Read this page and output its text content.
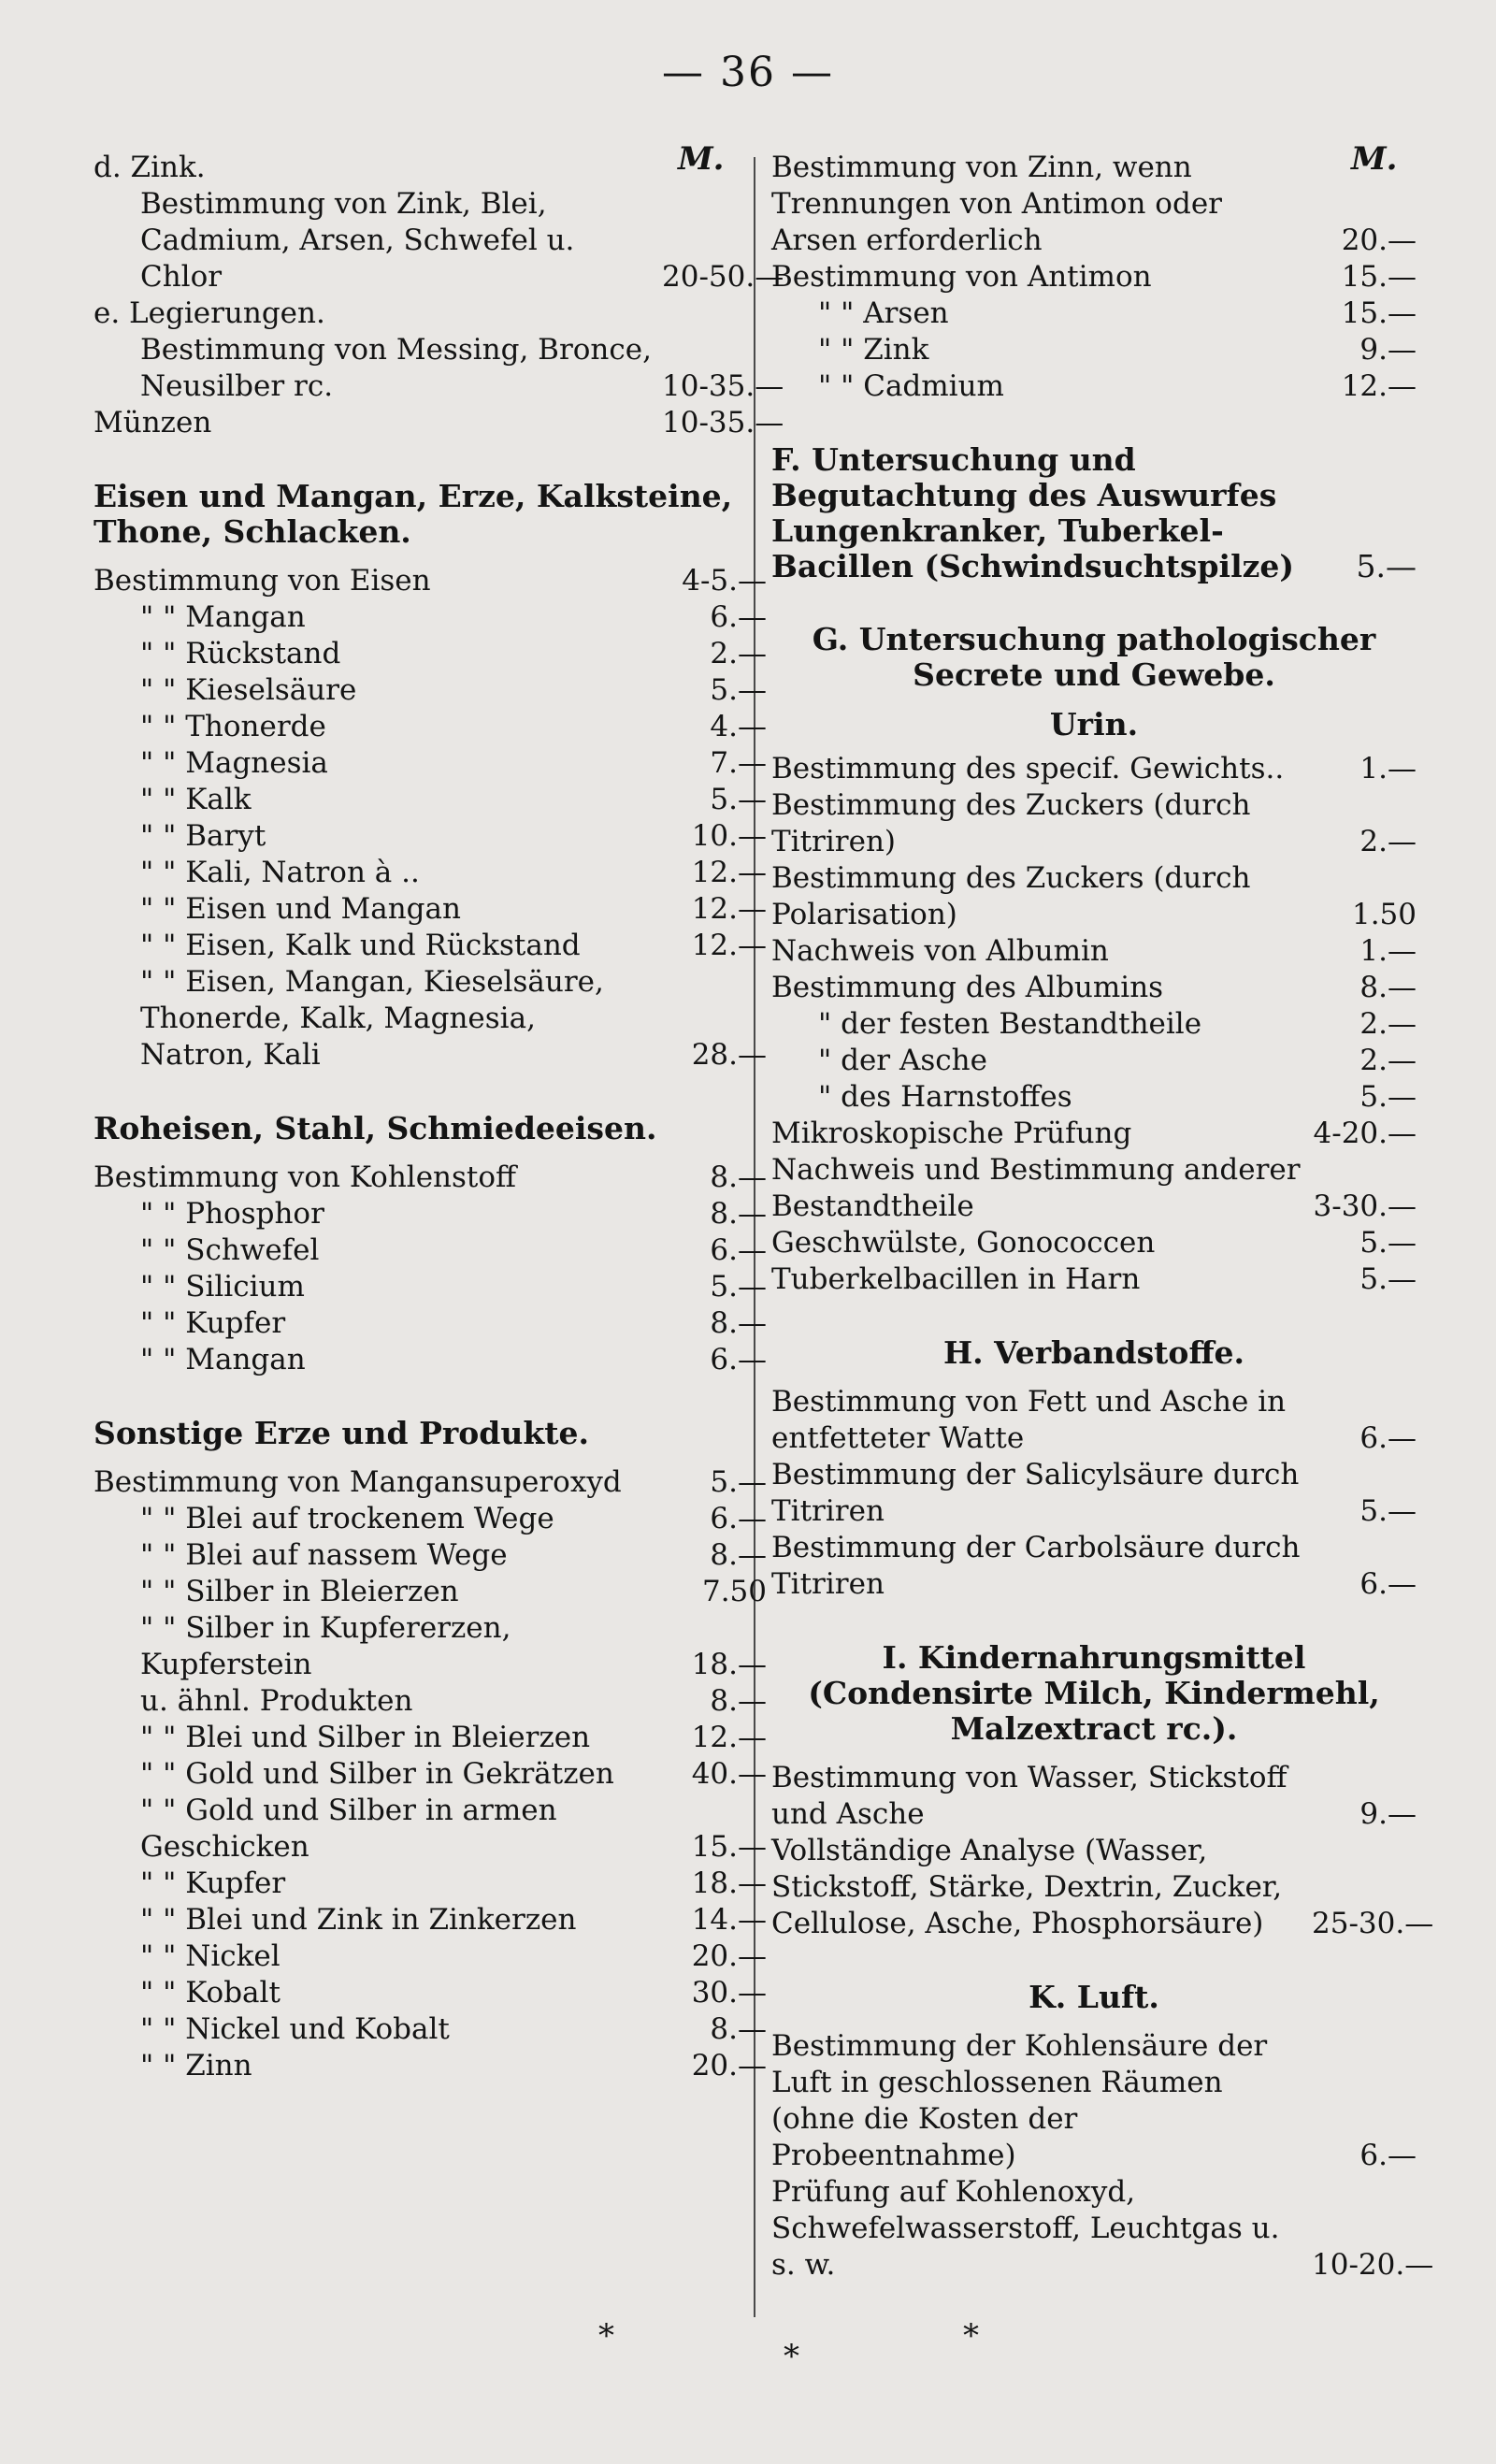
— 36 —
M.	M.
d. Zink.
Bestimmung von Zink, Blei, Cadmium, Arsen, Schwefel u. Chlor	20-50.—
e. Legierungen.
Bestimmung von Messing, Bronce, Neusilber rc.	10-35.—
Münzen	10-35.—
Eisen und Mangan, Erze, Kalksteine, Thone, Schlacken.
Bestimmung von Eisen	4-5.—
" " Mangan	6.—
" " Rückstand	2.—
" " Kieselsäure	5.—
" " Thonerde	4.—
" " Magnesia	7.—
" " Kalk	5.—
" " Baryt	10.—
" " Kali, Natron à ..	12.—
" " Eisen und Mangan	12.—
" " Eisen, Kalk und Rückstand	12.—
" " Eisen, Mangan, Kieselsäure, Thonerde, Kalk, Magnesia, Natron, Kali	28.—
Roheisen, Stahl, Schmiedeeisen.
Bestimmung von Kohlenstoff	8.—
" " Phosphor	8.—
" " Schwefel	6.—
" " Silicium	5.—
" " Kupfer	8.—
" " Mangan	6.—
Sonstige Erze und Produkte.
Bestimmung von Mangansuperoxyd	5.—
" " Blei auf trockenem Wege	6.—
" " Blei auf nassem Wege	8.—
" " Silber in Bleierzen	7.50
" " Silber in Kupfererzen, Kupferstein	18.—
u. ähnl. Produkten	8.—
" " Blei und Silber in Bleierzen	12.—
" " Gold und Silber in Gekrätzen	40.—
" " Gold und Silber in armen Geschicken	15.—
" " Kupfer	18.—
" " Blei und Zink in Zinkerzen	14.—
" " Nickel	20.—
" " Kobalt	30.—
" " Nickel und Kobalt	8.—
" " Zinn	20.—
Bestimmung von Zinn, wenn Trennungen von Antimon oder Arsen erforderlich	20.—
Bestimmung von Antimon	15.—
" " Arsen	15.—
" " Zink	9.—
" " Cadmium	12.—
F. Untersuchung und Begutachtung des Auswurfes Lungenkranker, Tuberkel-Bacillen (Schwindsuchtspilze)	5.—
G. Untersuchung pathologischer Secrete und Gewebe.
Urin.
Bestimmung des specif. Gewichts..	1.—
Bestimmung des Zuckers (durch Titriren)	2.—
Bestimmung des Zuckers (durch Polarisation)	1.50
Nachweis von Albumin	1.—
Bestimmung des Albumins	8.—
" der festen Bestandtheile	2.—
" der Asche	2.—
" des Harnstoffes	5.—
Mikroskopische Prüfung	4-20.—
Nachweis und Bestimmung anderer Bestandtheile	3-30.—
Geschwülste, Gonococcen	5.—
Tuberkelbacillen in Harn	5.—
H. Verbandstoffe.
Bestimmung von Fett und Asche in entfetteter Watte	6.—
Bestimmung der Salicylsäure durch Titriren	5.—
Bestimmung der Carbolsäure durch Titriren	6.—
I. Kindernahrungsmittel (Condensirte Milch, Kindermehl, Malzextract rc.).
Bestimmung von Wasser, Stickstoff und Asche	9.—
Vollständige Analyse (Wasser, Stickstoff, Stärke, Dextrin, Zucker, Cellulose, Asche, Phosphorsäure)	25-30.—
K. Luft.
Bestimmung der Kohlensäure der Luft in geschlossenen Räumen (ohne die Kosten der Probeentnahme)	6.—
Prüfung auf Kohlenoxyd, Schwefelwasserstoff, Leuchtgas u. s. w.	10-20.—
*
*
*
